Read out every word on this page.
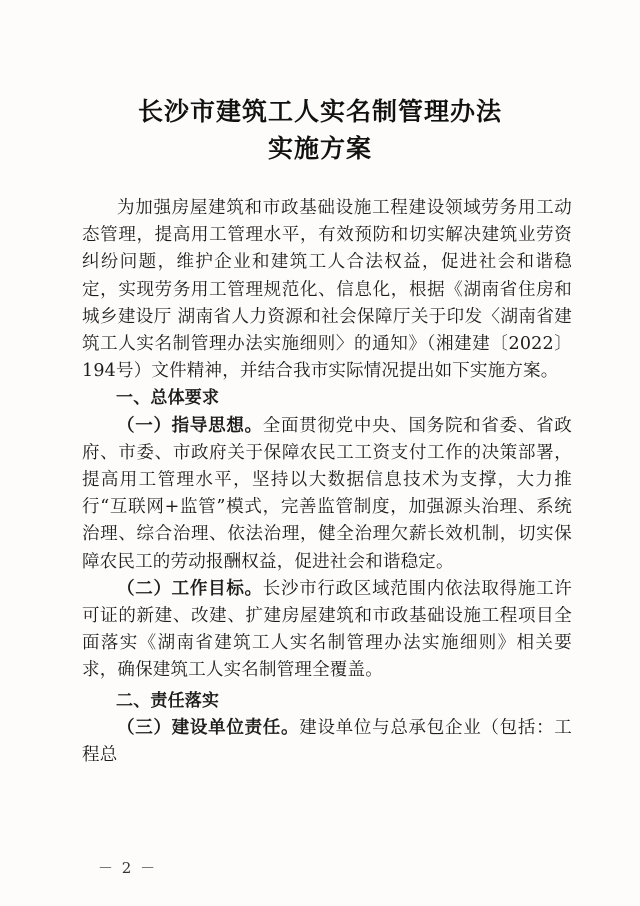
长沙市建筑工人实名制管理办法
实施方案

为加强房屋建筑和市政基础设施工程建设领域劳务用工动态管理，提高用工管理水平，有效预防和切实解决建筑业劳资纠纷问题，维护企业和建筑工人合法权益，促进社会和谐稳定，实现劳务用工管理规范化、信息化，根据《湖南省住房和城乡建设厅 湖南省人力资源和社会保障厅关于印发〈湖南省建筑工人实名制管理办法实施细则〉的通知》（湘建建〔2022〕194号）文件精神，并结合我市实际情况提出如下实施方案。

一、总体要求

（一）指导思想。全面贯彻党中央、国务院和省委、省政府、市委、市政府关于保障农民工工资支付工作的决策部署，提高用工管理水平，坚持以大数据信息技术为支撑，大力推行“互联网+监管”模式，完善监管制度，加强源头治理、系统治理、综合治理、依法治理，健全治理欠薪长效机制，切实保障农民工的劳动报酬权益，促进社会和谐稳定。

（二）工作目标。长沙市行政区域范围内依法取得施工许可证的新建、改建、扩建房屋建筑和市政基础设施工程项目全面落实《湖南省建筑工人实名制管理办法实施细则》相关要求，确保建筑工人实名制管理全覆盖。

二、责任落实

（三）建设单位责任。建设单位与总承包企业（包括：工程总

－ 2 －
